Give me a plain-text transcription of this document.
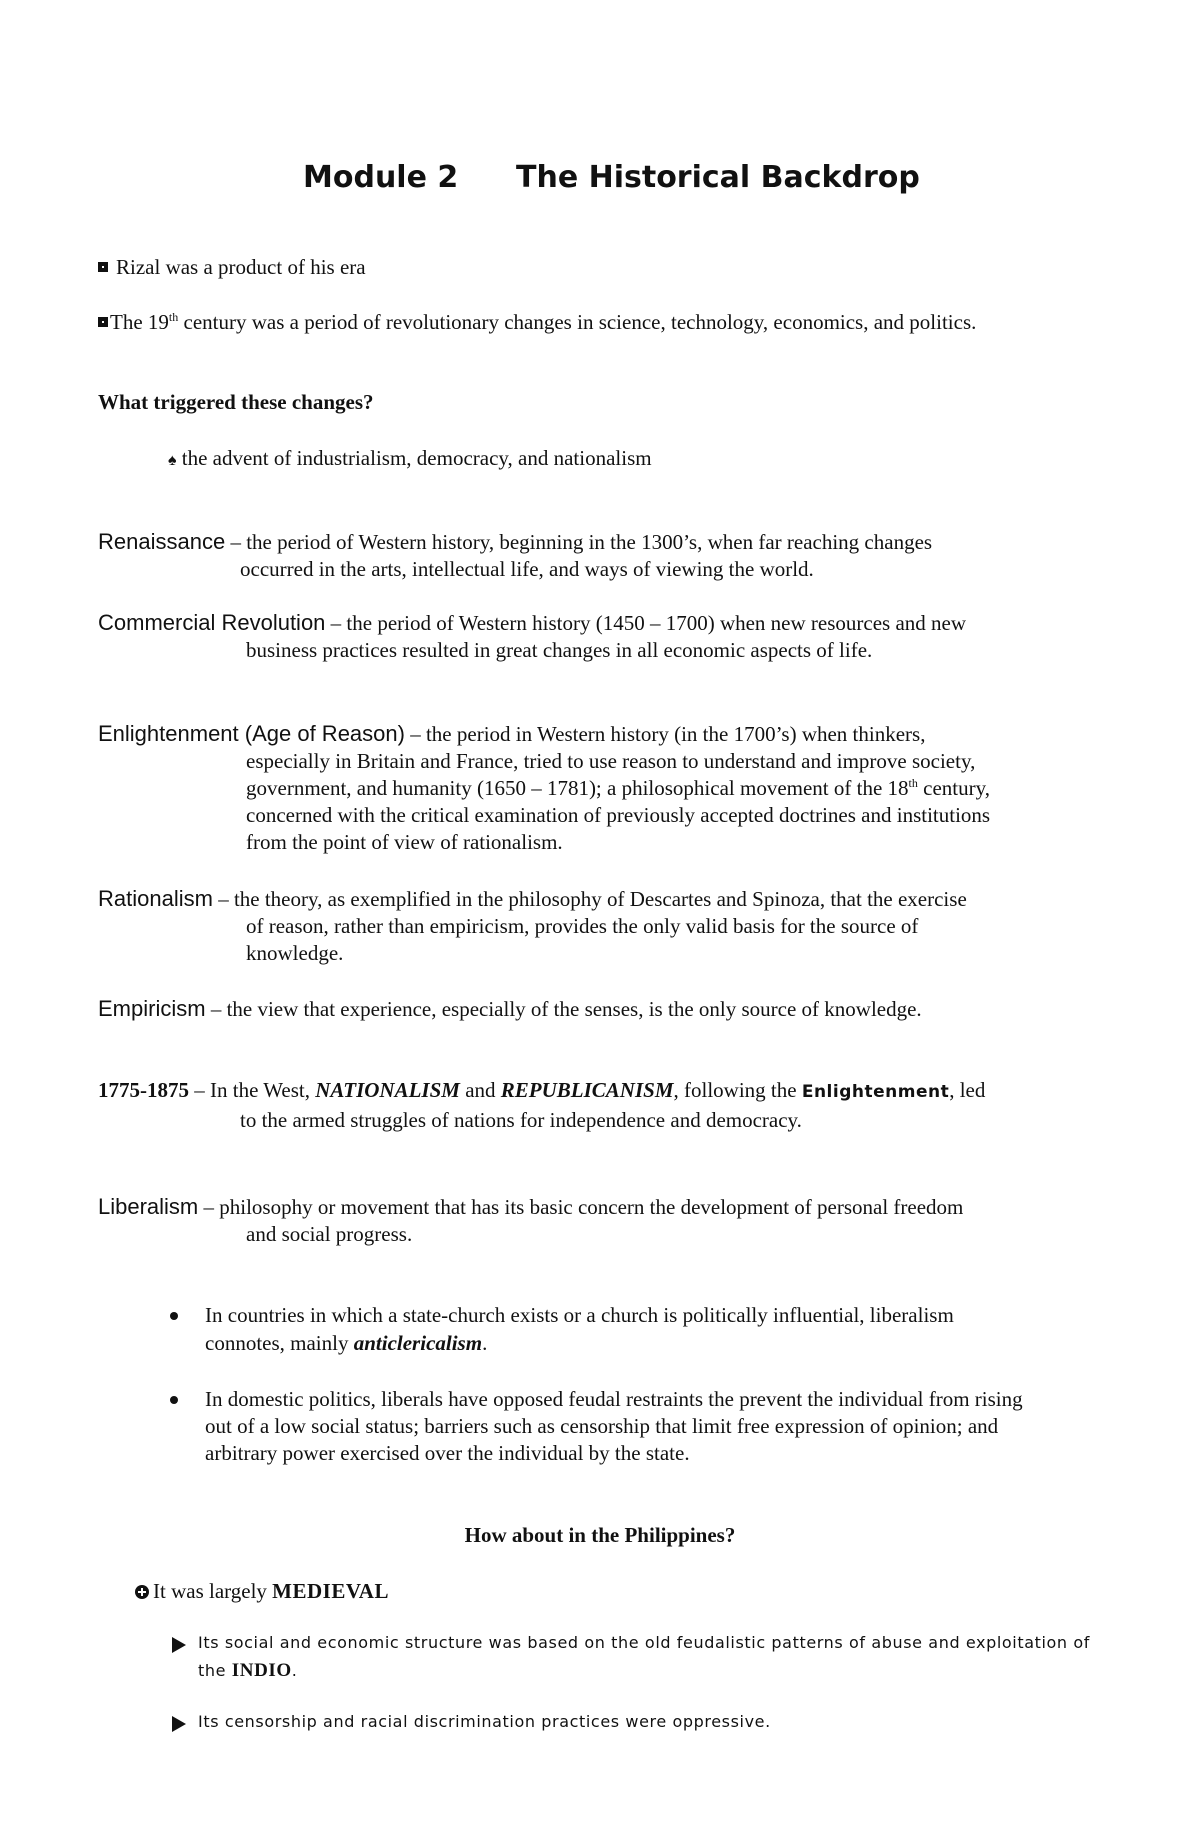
Module 2 The Historical Backdrop
Rizal was a product of his era
The 19th century was a period of revolutionary changes in science, technology, economics, and politics.
What triggered these changes?
♠ the advent of industrialism, democracy, and nationalism
Renaissance – the period of Western history, beginning in the 1300’s, when far reaching changes
occurred in the arts, intellectual life, and ways of viewing the world.
Commercial Revolution – the period of Western history (1450 – 1700) when new resources and new
business practices resulted in great changes in all economic aspects of life.
Enlightenment (Age of Reason) – the period in Western history (in the 1700’s) when thinkers,
especially in Britain and France, tried to use reason to understand and improve society,
government, and humanity (1650 – 1781); a philosophical movement of the 18th century,
concerned with the critical examination of previously accepted doctrines and institutions
from the point of view of rationalism.
Rationalism – the theory, as exemplified in the philosophy of Descartes and Spinoza, that the exercise
of reason, rather than empiricism, provides the only valid basis for the source of
knowledge.
Empiricism – the view that experience, especially of the senses, is the only source of knowledge.
1775-1875 – In the West, NATIONALISM and REPUBLICANISM, following the Enlightenment, led
to the armed struggles of nations for independence and democracy.
Liberalism – philosophy or movement that has its basic concern the development of personal freedom
and social progress.
In countries in which a state-church exists or a church is politically influential, liberalism
connotes, mainly anticlericalism.
In domestic politics, liberals have opposed feudal restraints the prevent the individual from rising
out of a low social status; barriers such as censorship that limit free expression of opinion; and
arbitrary power exercised over the individual by the state.
How about in the Philippines?
It was largely MEDIEVAL
Its social and economic structure was based on the old feudalistic patterns of abuse and exploitation of
the INDIO.
Its censorship and racial discrimination practices were oppressive.
